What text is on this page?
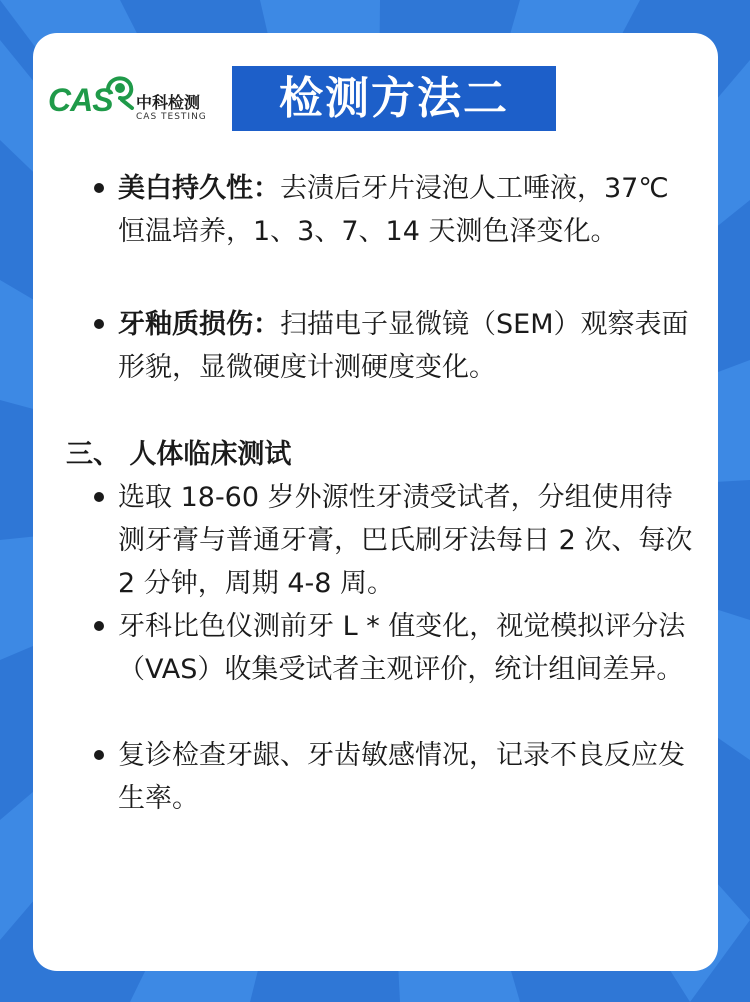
CAS 中科检测
CAS TESTING	检测方法二
美白持久性：去渍后牙片浸泡人工唾液，37℃恒温培养，1、3、7、14 天测色泽变化。
牙釉质损伤：扫描电子显微镜（SEM）观察表面形貌，显微硬度计测硬度变化。
三、 人体临床测试
选取 18-60 岁外源性牙渍受试者，分组使用待测牙膏与普通牙膏，巴氏刷牙法每日 2 次、每次 2 分钟，周期 4-8 周。
牙科比色仪测前牙 L * 值变化，视觉模拟评分法（VAS）收集受试者主观评价，统计组间差异。
复诊检查牙龈、牙齿敏感情况，记录不良反应发生率。
